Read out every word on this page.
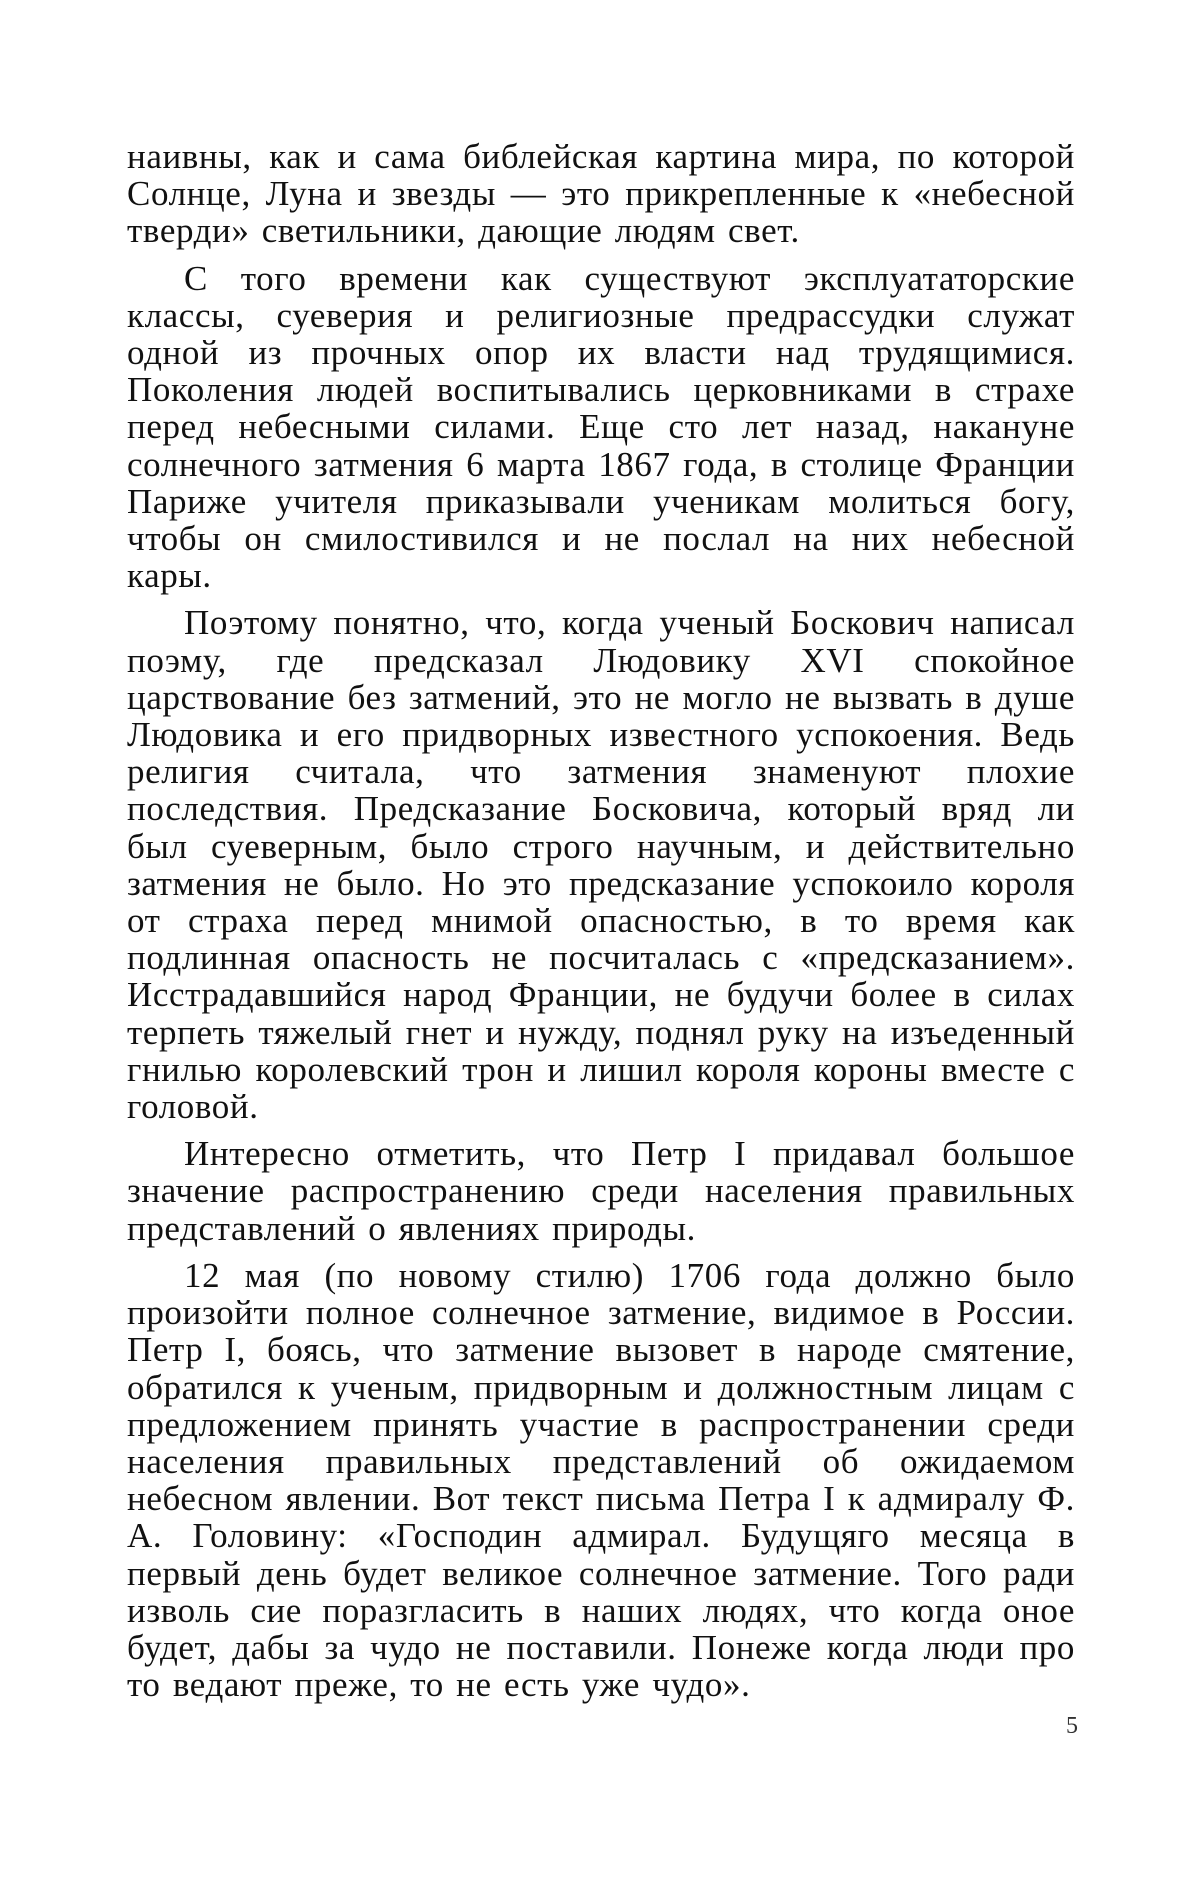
наивны, как и сама библейская картина мира, по которой Солнце, Луна и звезды — это прикрепленные к «небесной тверди» светильники, дающие людям свет.

С того времени как существуют эксплуататорские классы, суеверия и религиозные предрассудки служат одной из прочных опор их власти над трудящимися. Поколения людей воспитывались церковниками в страхе перед небесными силами. Еще сто лет назад, накануне солнечного затмения 6 марта 1867 года, в столице Франции Париже учителя приказывали ученикам молиться богу, чтобы он смилостивился и не послал на них небесной кары.

Поэтому понятно, что, когда ученый Боскович написал поэму, где предсказал Людовику XVI спокойное царствование без затмений, это не могло не вызвать в душе Людовика и его придворных известного успокоения. Ведь религия считала, что затмения знаменуют плохие последствия. Предсказание Босковича, который вряд ли был суеверным, было строго научным, и действительно затмения не было. Но это предсказание успокоило короля от страха перед мнимой опасностью, в то время как подлинная опасность не посчиталась с «предсказанием». Исстрадавшийся народ Франции, не будучи более в силах терпеть тяжелый гнет и нужду, поднял руку на изъеденный гнилью королевский трон и лишил короля короны вместе с головой.

Интересно отметить, что Петр I придавал большое значение распространению среди населения правильных представлений о явлениях природы.

12 мая (по новому стилю) 1706 года должно было произойти полное солнечное затмение, видимое в России. Петр I, боясь, что затмение вызовет в народе смятение, обратился к ученым, придворным и должностным лицам с предложением принять участие в распространении среди населения правильных представлений об ожидаемом небесном явлении. Вот текст письма Петра I к адмиралу Ф. А. Головину: «Господин адмирал. Будущяго месяца в первый день будет великое солнечное затмение. Того ради изволь сие поразгласить в наших людях, что когда оное будет, дабы за чудо не поставили. Понеже когда люди про то ведают преже, то не есть уже чудо».

5
